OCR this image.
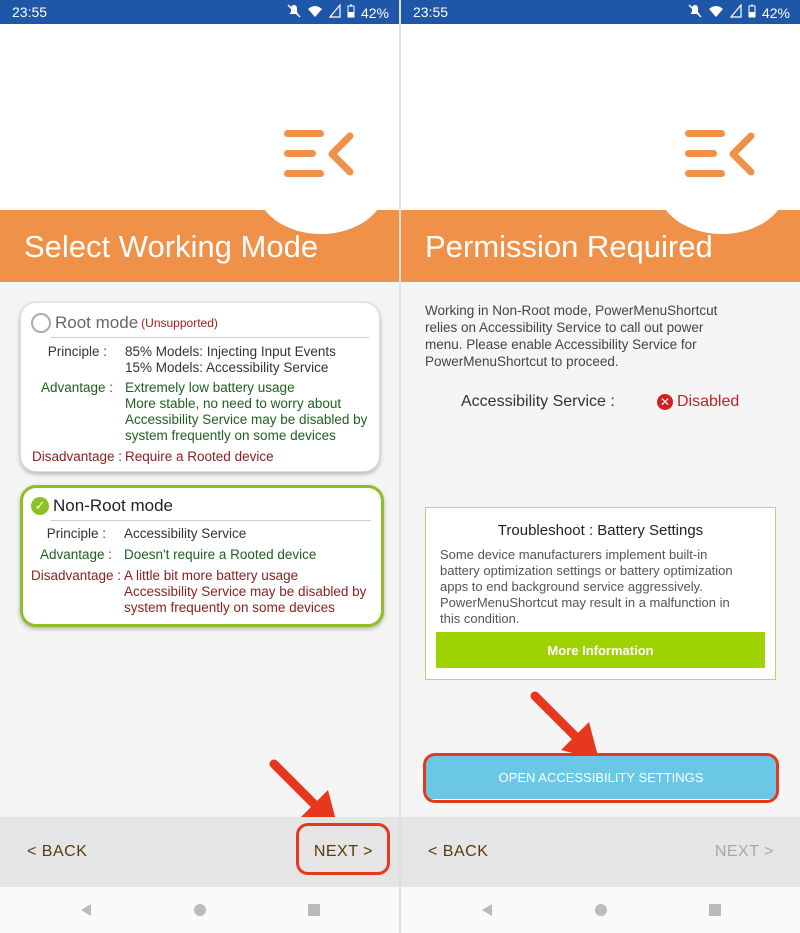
23:55	42%
Select Working Mode
Root mode (Unsupported)
Principle : 85% Models: Injecting Input Events
15% Models: Accessibility Service
Advantage : Extremely low battery usage
More stable, no need to worry about
Accessibility Service may be disabled by
system frequently on some devices
Disadvantage : Require a Rooted device
✓ Non-Root mode
Principle : Accessibility Service
Advantage : Doesn't require a Rooted device
Disadvantage : A little bit more battery usage
Accessibility Service may be disabled by
system frequently on some devices
< BACK	NEXT >
23:55	42%
Permission Required
Working in Non-Root mode, PowerMenuShortcut
relies on Accessibility Service to call out power
menu. Please enable Accessibility Service for
PowerMenuShortcut to proceed.
Accessibility Service :	✕ Disabled
Troubleshoot : Battery Settings
Some device manufacturers implement built-in
battery optimization settings or battery optimization
apps to end background service aggressively.
PowerMenuShortcut may result in a malfunction in
this condition.
More Information
OPEN ACCESSIBILITY SETTINGS
< BACK	NEXT >
